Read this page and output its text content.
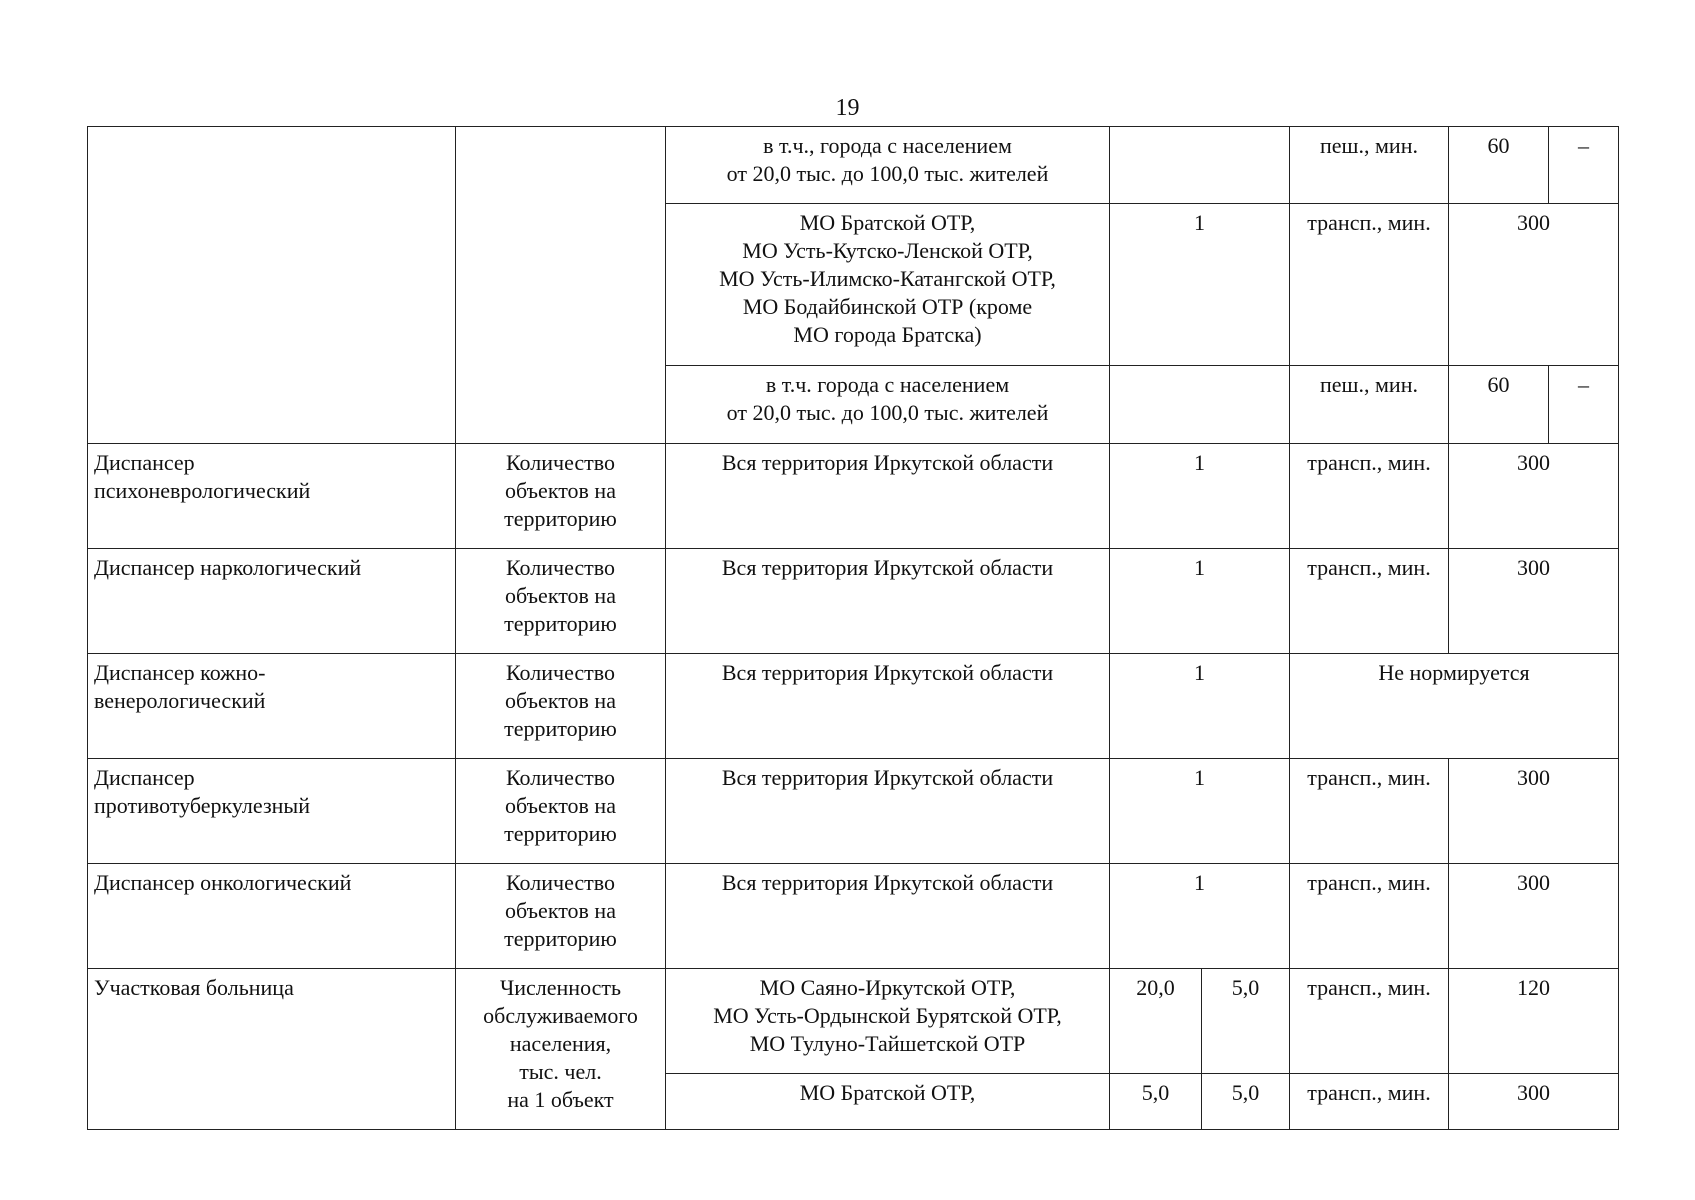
19

		в т.ч., города с населением
от 20,0 тыс. до 100,0 тыс. жителей			пеш., мин.	60	–

		МО Братской ОТР,
МО Усть-Кутско-Ленской ОТР,
МО Усть-Илимско-Катангской ОТР,
МО Бодайбинской ОТР (кроме
МО города Братска)	1		трансп., мин.	300	

		в т.ч. города с населением
от 20,0 тыс. до 100,0 тыс. жителей			пеш., мин.	60	–

Диспансер
психоневрологический	Количество
объектов на
территорию	Вся территория Иркутской области	1		трансп., мин.	300	

Диспансер наркологический	Количество
объектов на
территорию	Вся территория Иркутской области	1		трансп., мин.	300	

Диспансер кожно-
венерологический	Количество
объектов на
территорию	Вся территория Иркутской области	1		Не нормируется		

Диспансер
противотуберкулезный	Количество
объектов на
территорию	Вся территория Иркутской области	1		трансп., мин.	300	

Диспансер онкологический	Количество
объектов на
территорию	Вся территория Иркутской области	1		трансп., мин.	300	

Участковая больница	Численность
обслуживаемого
населения,
тыс. чел.
на 1 объект	МО Саяно-Иркутской ОТР,
МО Усть-Ордынской Бурятской ОТР,
МО Тулуно-Тайшетской ОТР	20,0	5,0	трансп., мин.	120	
		МО Братской ОТР,	5,0	5,0	трансп., мин.	300	
